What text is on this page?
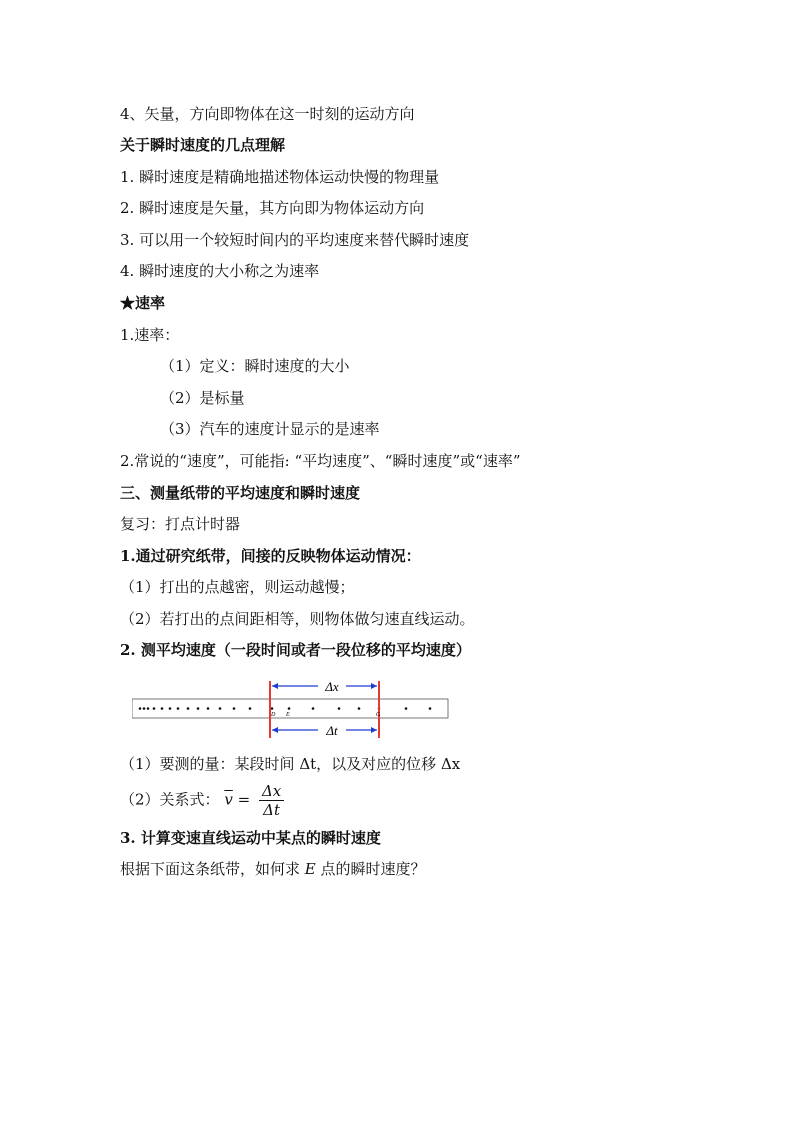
4、矢量，方向即物体在这一时刻的运动方向
关于瞬时速度的几点理解
1. 瞬时速度是精确地描述物体运动快慢的物理量
2. 瞬时速度是矢量，其方向即为物体运动方向
3. 可以用一个较短时间内的平均速度来替代瞬时速度
4. 瞬时速度的大小称之为速率
★速率
1.速率：
（1）定义：瞬时速度的大小
（2）是标量
（3）汽车的速度计显示的是速率
2.常说的“速度”，可能指: “平均速度”、“瞬时速度”或“速率”
三、测量纸带的平均速度和瞬时速度
复习：打点计时器
1.通过研究纸带，间接的反映物体运动情况：
（1）打出的点越密，则运动越慢；
（2）若打出的点间距相等，则物体做匀速直线运动。
2. 测平均速度（一段时间或者一段位移的平均速度）
Δx
Δt
D E	G
（1）要测的量：某段时间 Δt，以及对应的位移 Δx
（2）关系式： $\overline{v} = \frac{\Delta x}{\Delta t}$
3. 计算变速直线运动中某点的瞬时速度
根据下面这条纸带，如何求 E 点的瞬时速度？
